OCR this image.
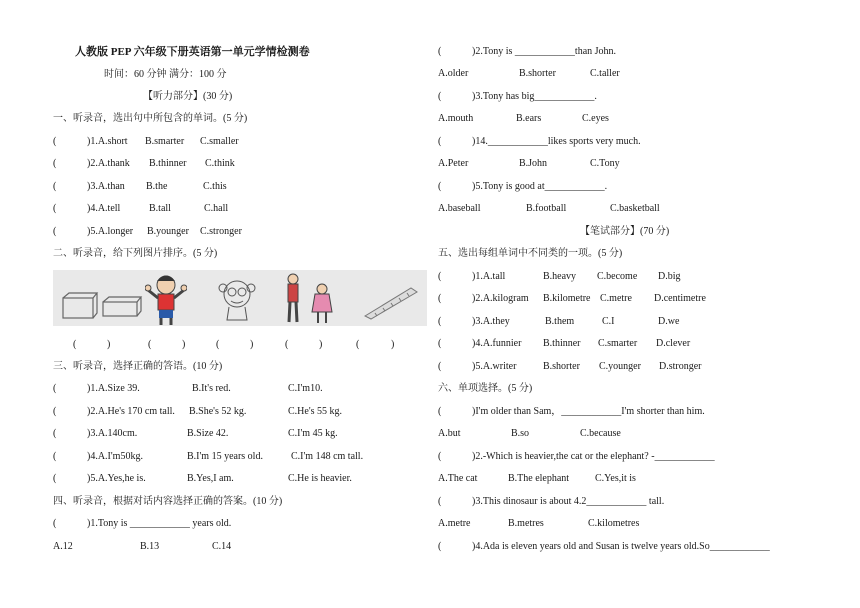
人教版 PEP 六年级下册英语第一单元学情检测卷
时间：60 分钟 满分：100 分
【听力部分】(30 分)
一、听录音，选出句中所包含的单词。(5 分)
(	)1.A.short B.smarter C.smaller
(	)2.A.thank B.thinner C.think
(	)3.A.than B.the	C.this
(	)4.A.tell	B.tall	C.hall
(	)5.A.longer B.younger C.stronger
二、听录音，给下列图片排序。(5 分)
(	)	(	)	(	)	(	)	(	)
三、听录音，选择正确的答语。(10 分)
(	)1.A.Size 39.	B.It's red.	C.I'm10.
(	)2.A.He's 170 cm tall. B.She's 52 kg.	C.He's 55 kg.
(	)3.A.140cm.	B.Size 42.	C.I'm 45 kg.
(	)4.A.I'm50kg.	B.I'm 15 years old.	C.I'm 148 cm tall.
(	)5.A.Yes,he is.	B.Yes,I am.	C.He is heavier.
四、听录音，根据对话内容选择正确的答案。(10 分)
(	)1.Tony is ____________ years old.
A.12	B.13	C.14
(	)2.Tony is ____________than John.
A.older	B.shorter	C.taller
(	)3.Tony has big____________.
A.mouth	B.ears	C.eyes
(	)14.____________likes sports very much.
A.Peter	B.John	C.Tony
(	)5.Tony is good at____________.
A.baseball	B.football	C.basketball
【笔试部分】(70 分)
五、选出每组单词中不同类的一项。(5 分)
(	)1.A.tall	B.heavy C.become D.big
(	)2.A.kilogram B.kilometre C.metre D.centimetre
(	)3.A.they	B.them	C.I	D.we
(	)4.A.funnier B.thinner C.smarter D.clever
(	)5.A.writer	B.shorter C.younger D.stronger
六、单项选择。(5 分)
(	)I'm older than Sam，____________I'm shorter than him.
A.but	B.so	C.because
(	)2.-Which is heavier,the cat or the elephant? -____________
A.The cat	B.The elephant	C.Yes,it is
(	)3.This dinosaur is about 4.2____________ tall.
A.metre	B.metres	C.kilometres
(	)4.Ada is eleven years old and Susan is twelve years old.So____________
